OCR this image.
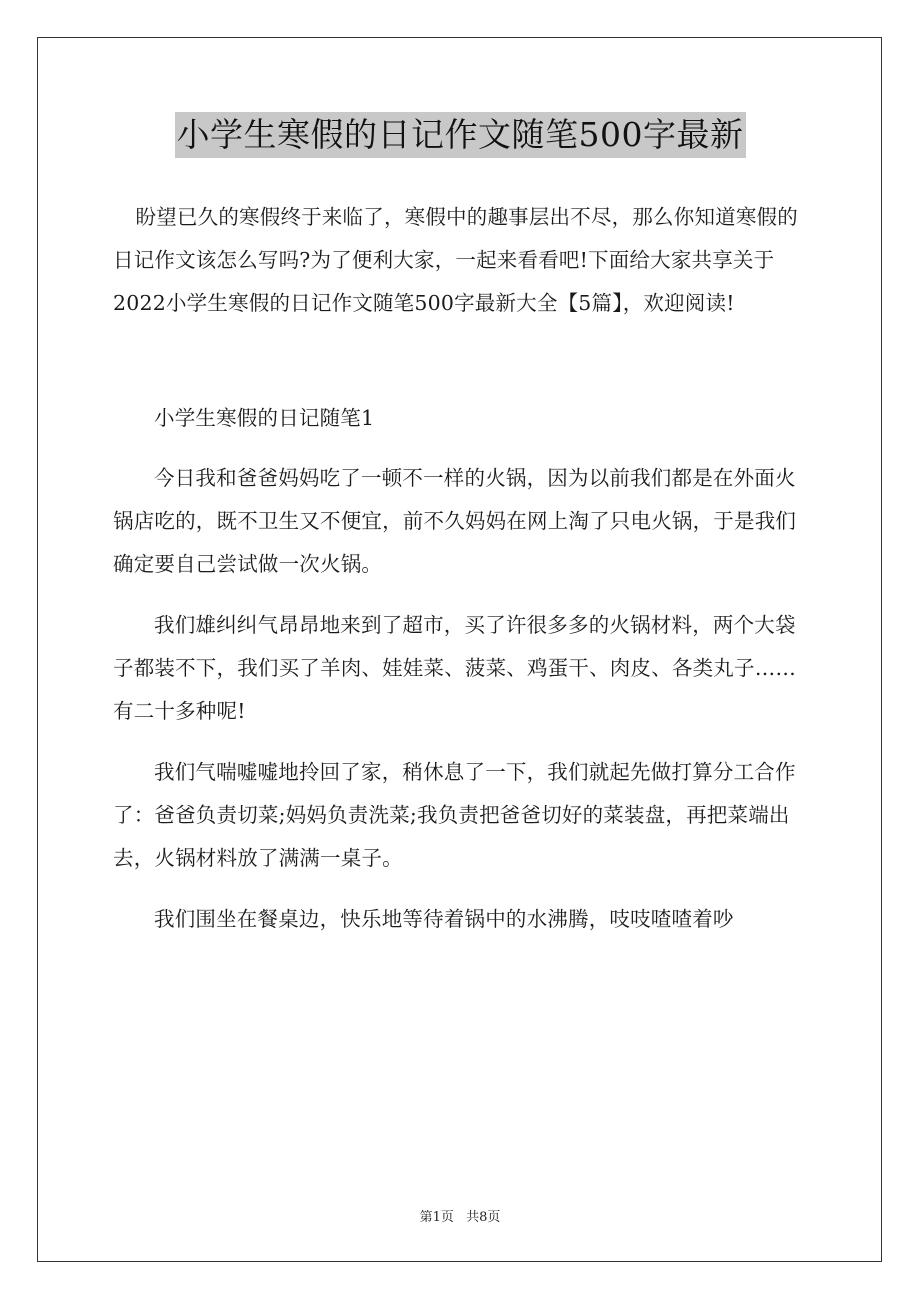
小学生寒假的日记作文随笔500字最新

盼望已久的寒假终于来临了，寒假中的趣事层出不尽，那么你知道寒假的日记作文该怎么写吗?为了便利大家，一起来看看吧!下面给大家共享关于2022小学生寒假的日记作文随笔500字最新大全【5篇】，欢迎阅读!

小学生寒假的日记随笔1

今日我和爸爸妈妈吃了一顿不一样的火锅，因为以前我们都是在外面火锅店吃的，既不卫生又不便宜，前不久妈妈在网上淘了只电火锅，于是我们确定要自己尝试做一次火锅。

我们雄纠纠气昂昂地来到了超市，买了许很多多的火锅材料，两个大袋子都装不下，我们买了羊肉、娃娃菜、菠菜、鸡蛋干、肉皮、各类丸子……有二十多种呢!

我们气喘嘘嘘地拎回了家，稍休息了一下，我们就起先做打算分工合作了：爸爸负责切菜;妈妈负责洗菜;我负责把爸爸切好的菜装盘，再把菜端出去，火锅材料放了满满一桌子。

我们围坐在餐桌边，快乐地等待着锅中的水沸腾，吱吱喳喳着吵

第1页 共8页
